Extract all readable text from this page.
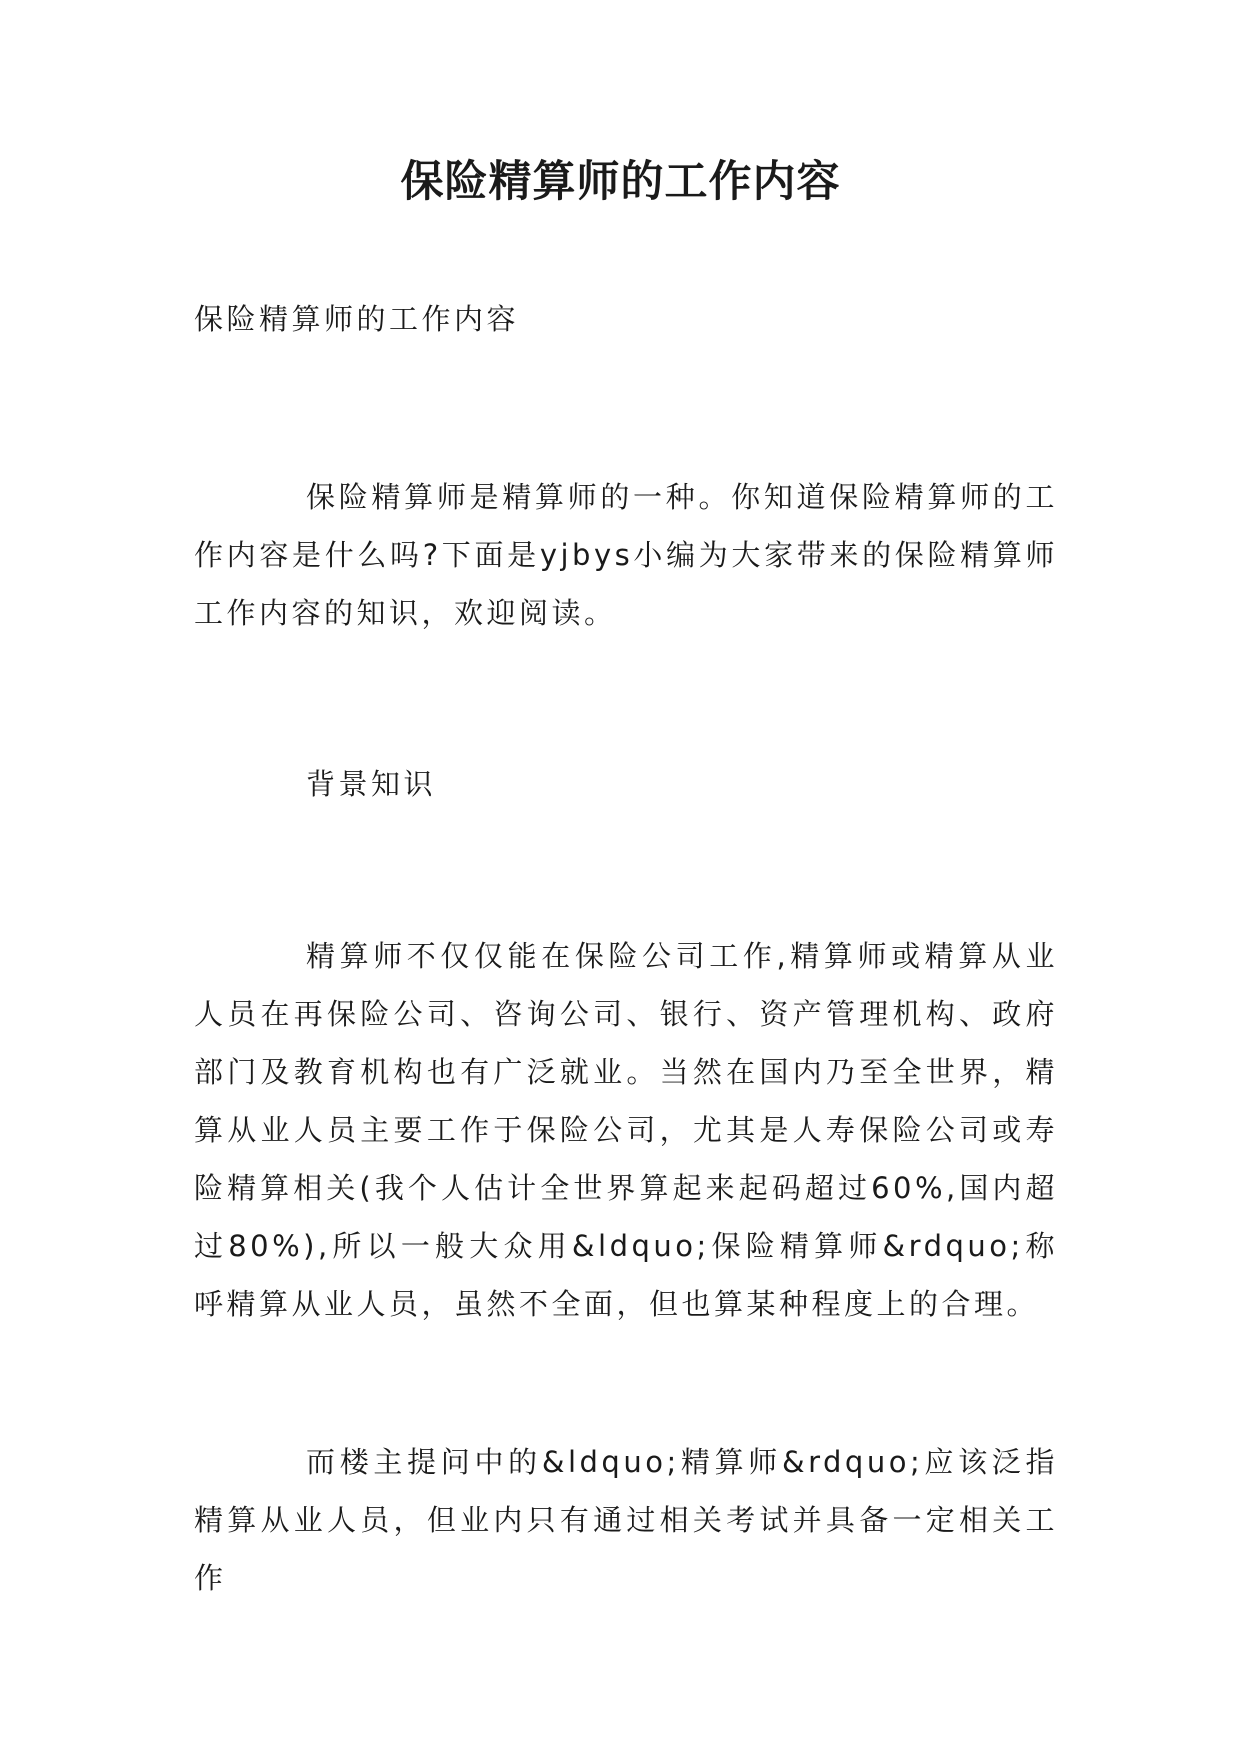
保险精算师的工作内容

保险精算师的工作内容

保险精算师是精算师的一种。你知道保险精算师的工作内容是什么吗?下面是yjbys小编为大家带来的保险精算师工作内容的知识，欢迎阅读。

背景知识

精算师不仅仅能在保险公司工作,精算师或精算从业人员在再保险公司、咨询公司、银行、资产管理机构、政府部门及教育机构也有广泛就业。当然在国内乃至全世界，精算从业人员主要工作于保险公司，尤其是人寿保险公司或寿险精算相关(我个人估计全世界算起来起码超过60%,国内超过80%),所以一般大众用&ldquo;保险精算师&rdquo;称呼精算从业人员，虽然不全面，但也算某种程度上的合理。

而楼主提问中的&ldquo;精算师&rdquo;应该泛指精算从业人员，但业内只有通过相关考试并具备一定相关工作
